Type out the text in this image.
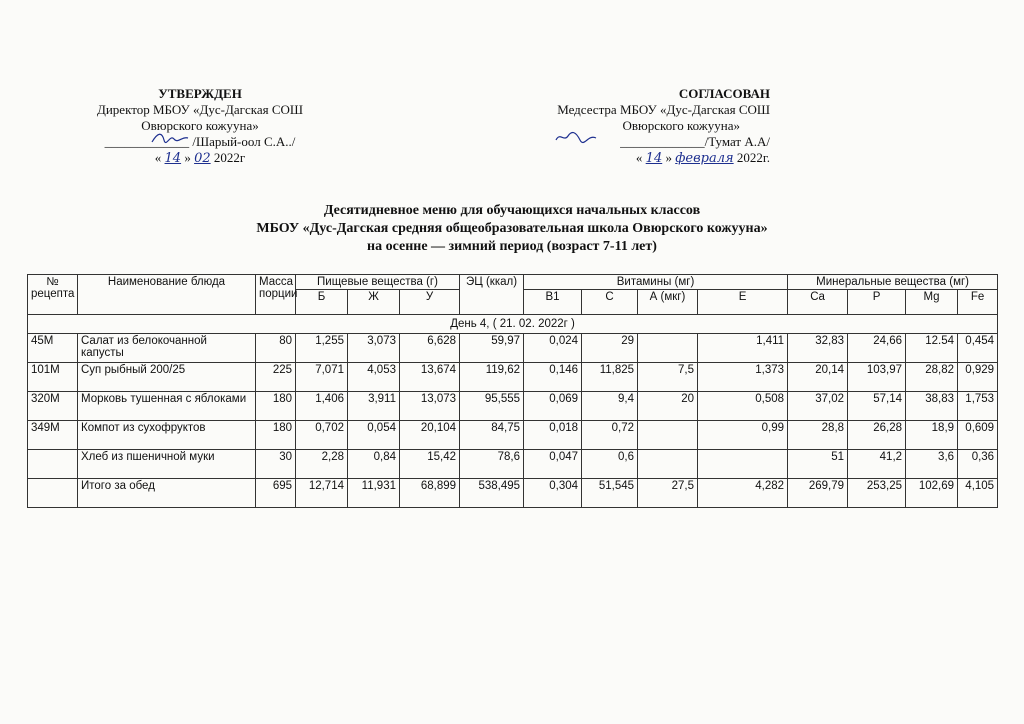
УТВЕРЖДЕН
Директор МБОУ «Дус-Дагская СОШ
Овюрского кожууна»
_____________ /Шарый-оол С.А../
« 14 » 02 2022г
СОГЛАСОВАН
Медсестра МБОУ «Дус-Дагская СОШ
Овюрского кожууна»
_____________/Тумат А.А/
« 14 » февраля 2022г.
Десятидневное меню для обучающихся начальных классов
МБОУ «Дус-Дагская средняя общеобразовательная школа Овюрского кожууна»
на осенне — зимний период (возраст 7-11 лет)
№ рецепта	Наименование блюда	Масса порции	Пищевые вещества (г)			ЭЦ (ккал)	Витамины (мг)				Минеральные вещества (мг)			
			Б	Ж	У		В1	С	А (мкг)	Е	Ca	P	Mg	Fe
День 4, ( 21. 02. 2022г )														
45М	Салат из белокочанной капусты	80	1,255	3,073	6,628	59,97	0,024	29		1,411	32,83	24,66	12.54	0,454
101М	Суп рыбный 200/25	225	7,071	4,053	13,674	119,62	0,146	11,825	7,5	1,373	20,14	103,97	28,82	0,929
320М	Морковь тушенная с яблоками	180	1,406	3,911	13,073	95,555	0,069	9,4	20	0,508	37,02	57,14	38,83	1,753
349М	Компот из сухофруктов	180	0,702	0,054	20,104	84,75	0,018	0,72		0,99	28,8	26,28	18,9	0,609
	Хлеб из пшеничной муки	30	2,28	0,84	15,42	78,6	0,047	0,6			51	41,2	3,6	0,36
	Итого за обед	695	12,714	11,931	68,899	538,495	0,304	51,545	27,5	4,282	269,79	253,25	102,69	4,105
